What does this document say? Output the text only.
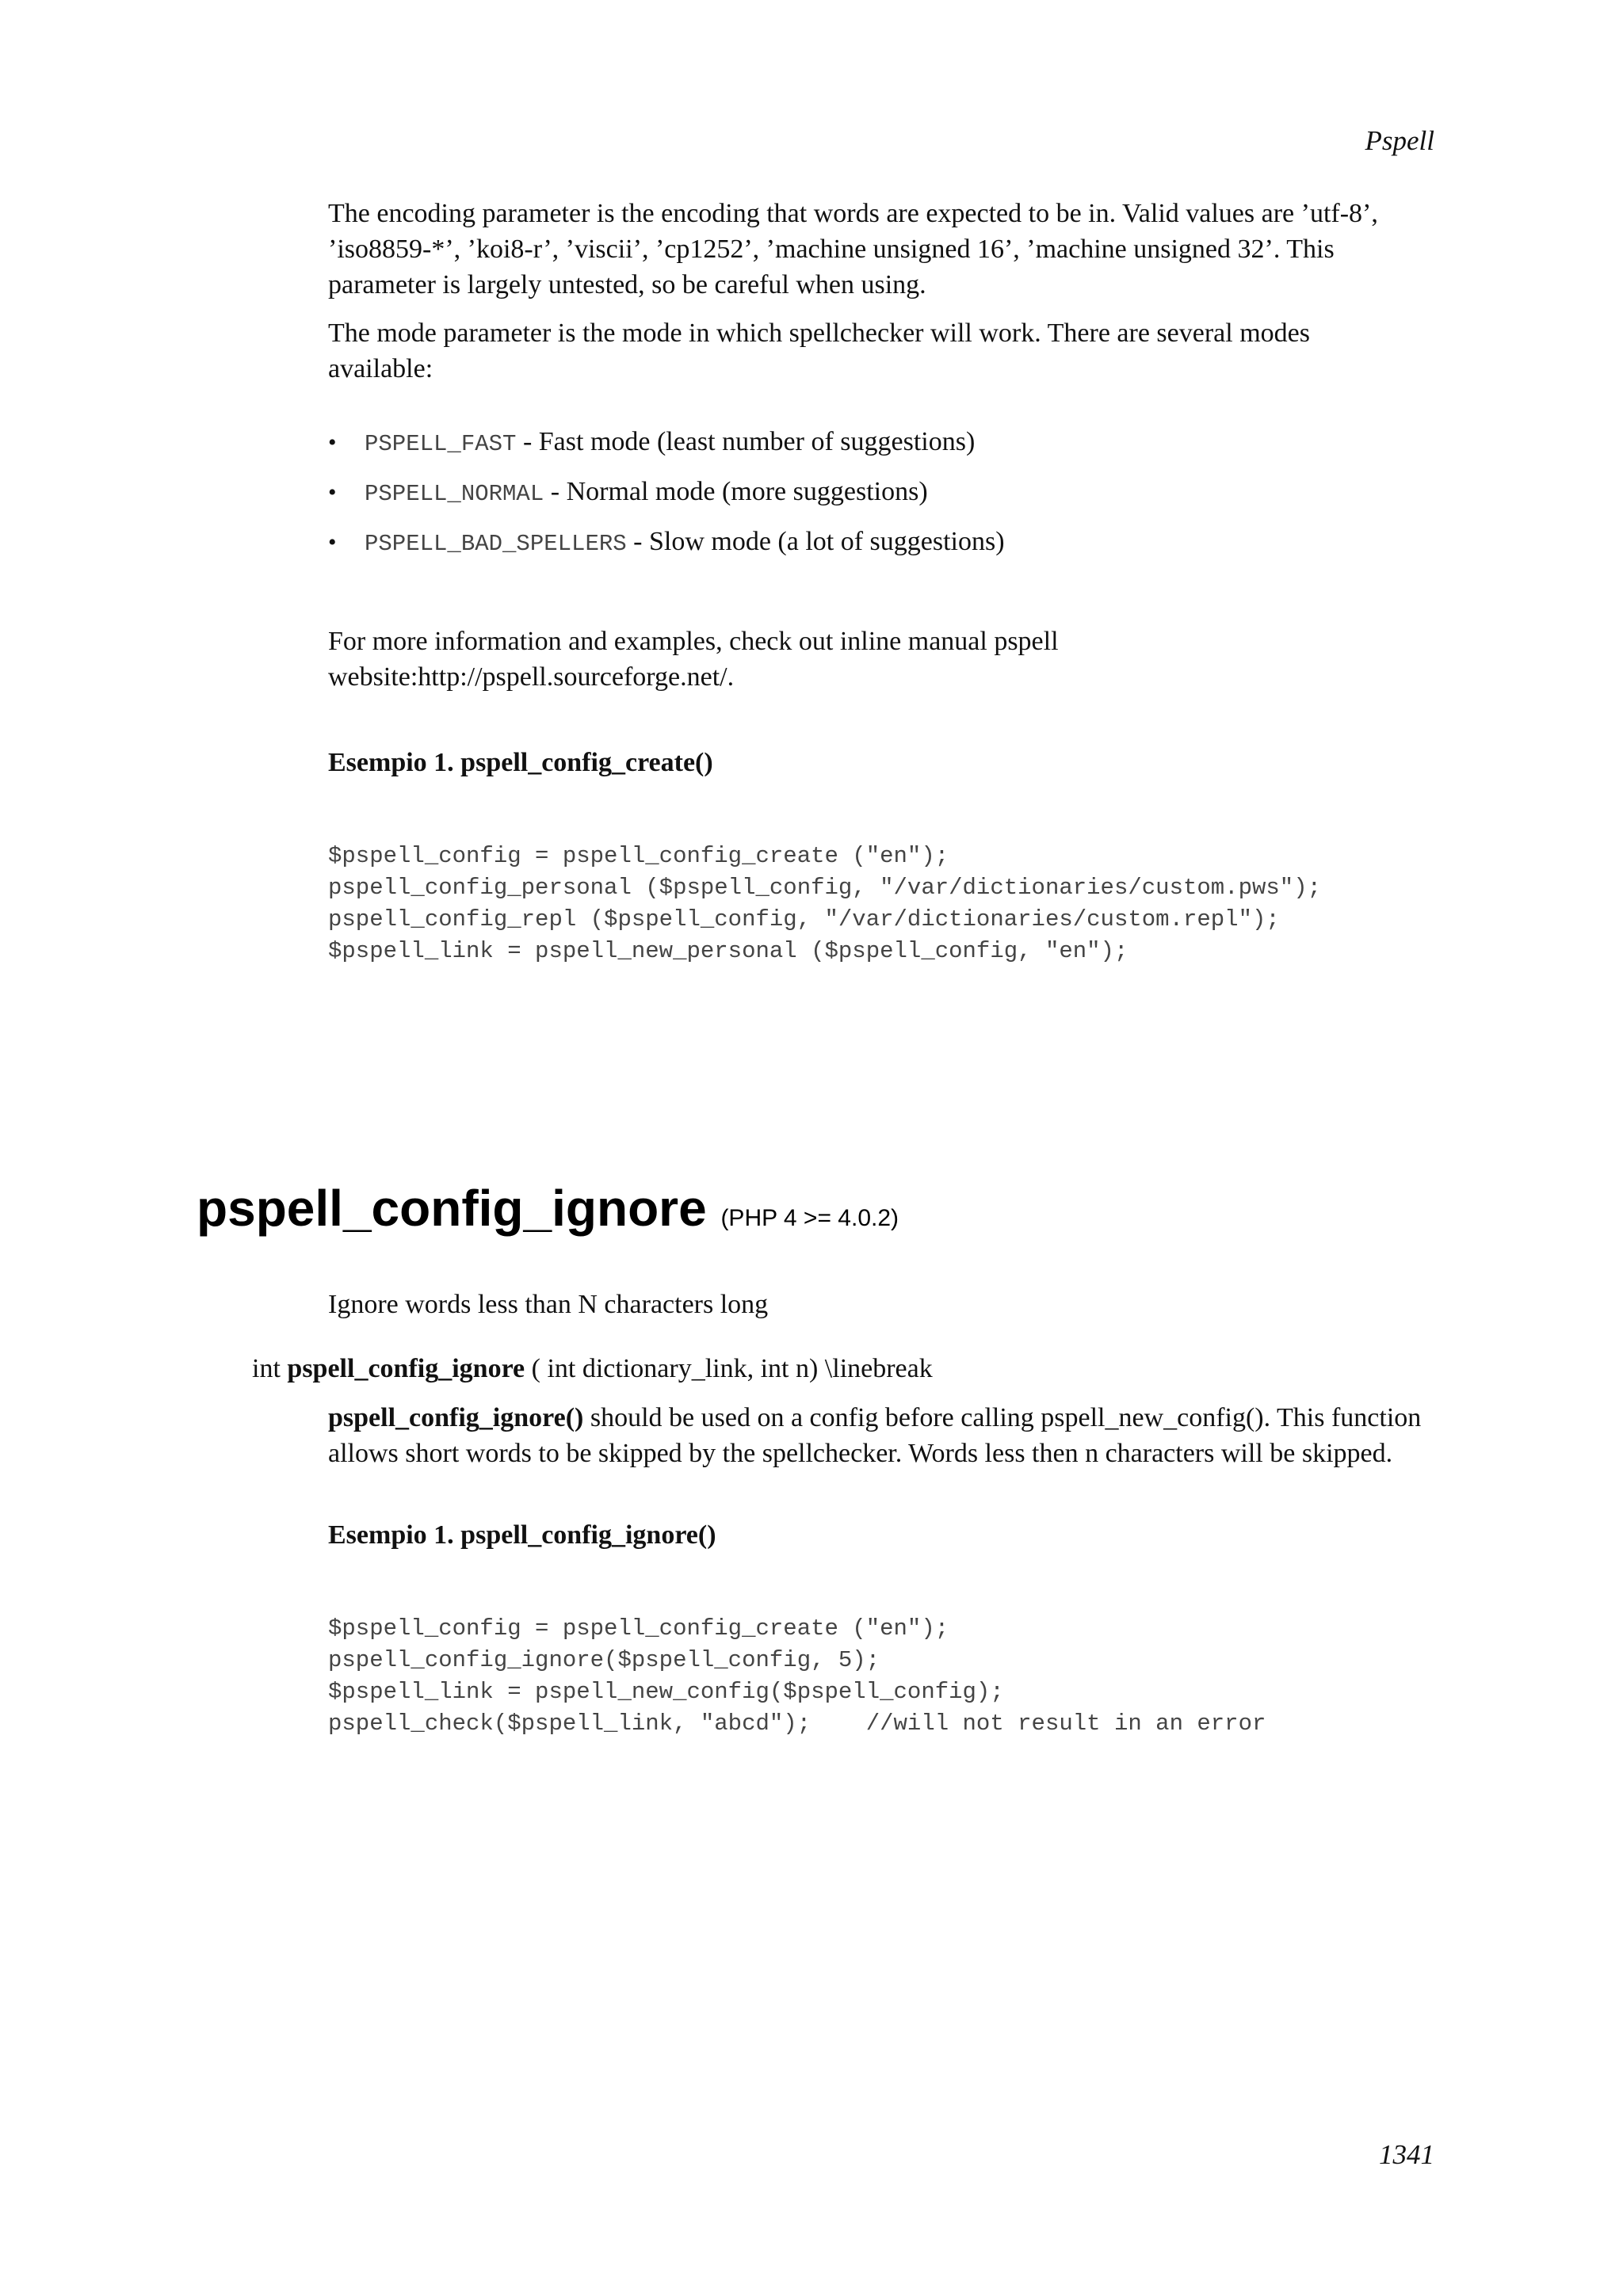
Pspell

The encoding parameter is the encoding that words are expected to be in. Valid values are ’utf-8’,
’iso8859-*’, ’koi8-r’, ’viscii’, ’cp1252’, ’machine unsigned 16’, ’machine unsigned 32’. This
parameter is largely untested, so be careful when using.

The mode parameter is the mode in which spellchecker will work. There are several modes
available:

•	PSPELL_FAST - Fast mode (least number of suggestions)
•	PSPELL_NORMAL - Normal mode (more suggestions)
•	PSPELL_BAD_SPELLERS - Slow mode (a lot of suggestions)

For more information and examples, check out inline manual pspell
website:http://pspell.sourceforge.net/.

Esempio 1. pspell_config_create()

$pspell_config = pspell_config_create ("en");
pspell_config_personal ($pspell_config, "/var/dictionaries/custom.pws");
pspell_config_repl ($pspell_config, "/var/dictionaries/custom.repl");
$pspell_link = pspell_new_personal ($pspell_config, "en");
pspell_config_ignore (PHP 4 >= 4.0.2)

Ignore words less than N characters long

int pspell_config_ignore ( int dictionary_link, int n) \linebreak

pspell_config_ignore() should be used on a config before calling pspell_new_config(). This function
allows short words to be skipped by the spellchecker. Words less then n characters will be skipped.

Esempio 1. pspell_config_ignore()

$pspell_config = pspell_config_create ("en");
pspell_config_ignore($pspell_config, 5);
$pspell_link = pspell_new_config($pspell_config);
pspell_check($pspell_link, "abcd");    //will not result in an error
1341
